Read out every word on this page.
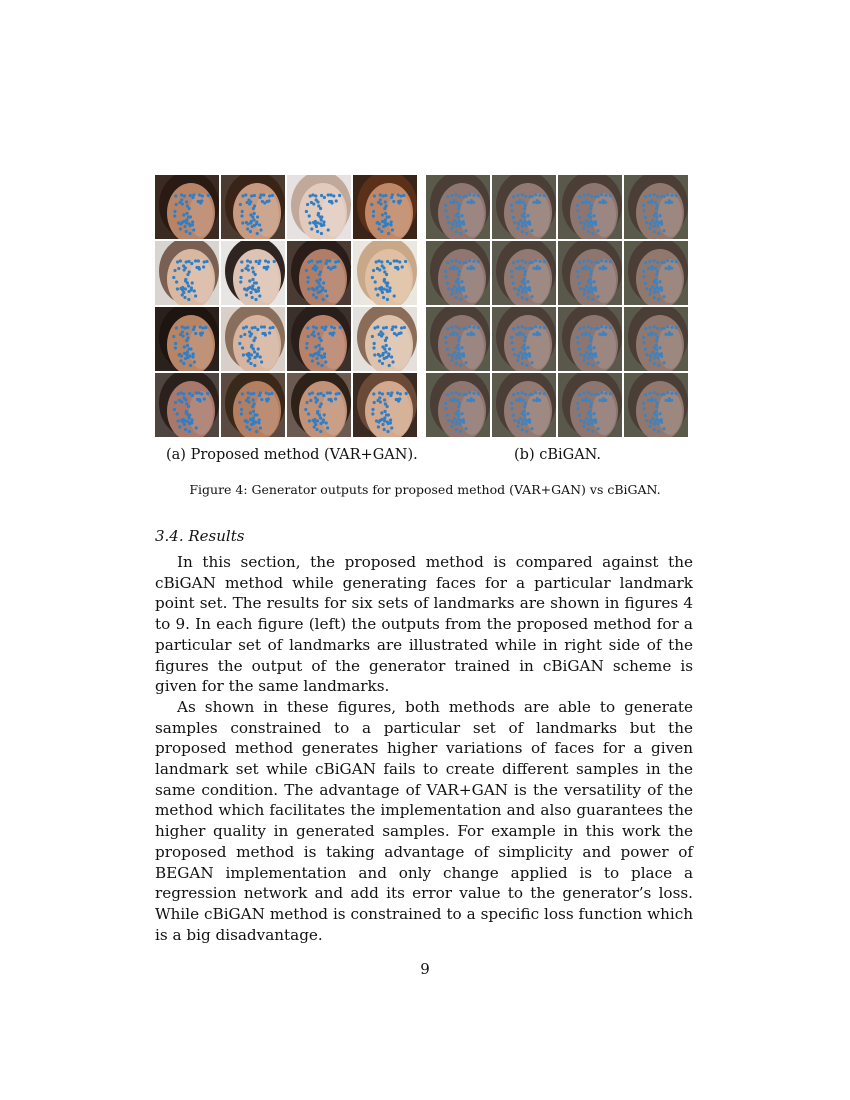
(a) Proposed method (VAR+GAN).	(b) cBiGAN.
Figure 4: Generator outputs for proposed method (VAR+GAN) vs cBiGAN.
3.4. Results

In this section, the proposed method is compared against the cBiGAN method while generating faces for a particular landmark point set. The results for six sets of landmarks are shown in figures 4 to 9. In each figure (left) the outputs from the proposed method for a particular set of landmarks are illustrated while in right side of the figures the output of the generator trained in cBiGAN scheme is given for the same landmarks.

As shown in these figures, both methods are able to generate samples constrained to a particular set of landmarks but the proposed method generates higher variations of faces for a given landmark set while cBiGAN fails to create different samples in the same condition. The advantage of VAR+GAN is the versatility of the method which facilitates the implementation and also guarantees the higher quality in generated samples. For example in this work the proposed method is taking advantage of simplicity and power of BEGAN implementation and only change applied is to place a regression network and add its error value to the generator’s loss. While cBiGAN method is constrained to a specific loss function which is a big disadvantage.

9
